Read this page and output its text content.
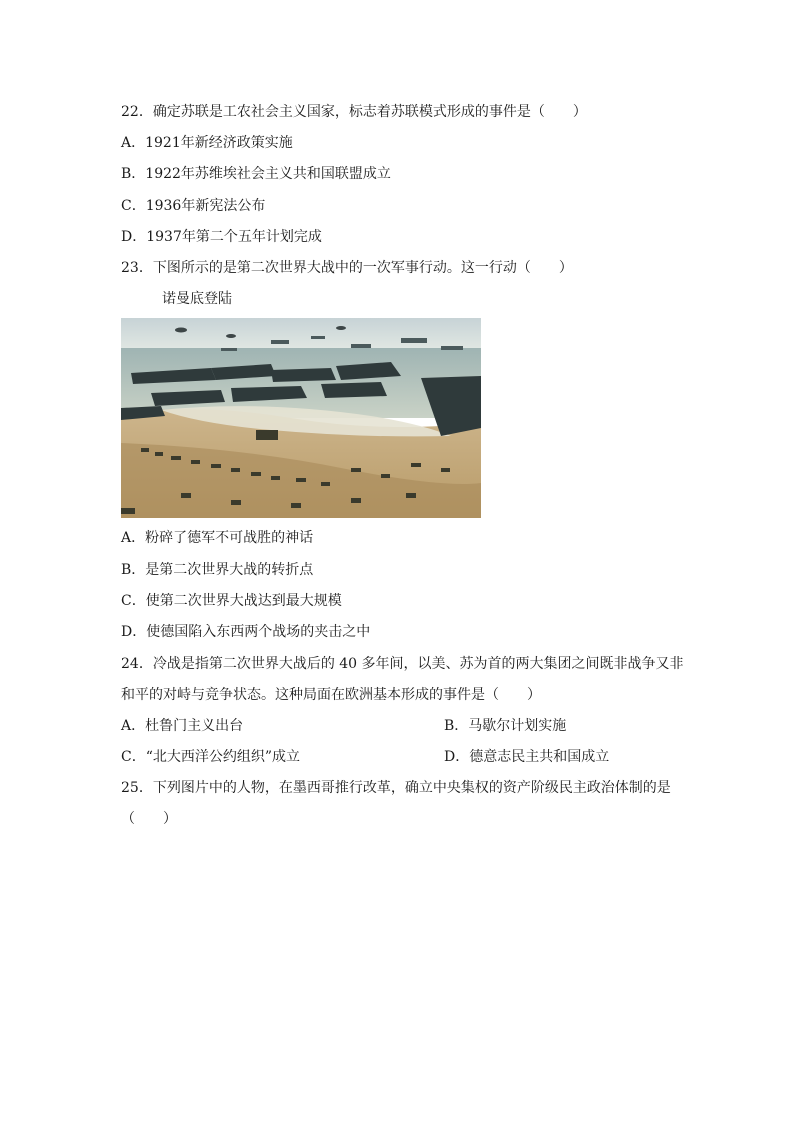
22．确定苏联是工农社会主义国家，标志着苏联模式形成的事件是（　　）
A．1921年新经济政策实施
B．1922年苏维埃社会主义共和国联盟成立
C．1936年新宪法公布
D．1937年第二个五年计划完成
23．下图所示的是第二次世界大战中的一次军事行动。这一行动（　　）
诺曼底登陆
A．粉碎了德军不可战胜的神话
B．是第二次世界大战的转折点
C．使第二次世界大战达到最大规模
D．使德国陷入东西两个战场的夹击之中
24．冷战是指第二次世界大战后的 40 多年间，以美、苏为首的两大集团之间既非战争又非
和平的对峙与竞争状态。这种局面在欧洲基本形成的事件是（　　）
A．杜鲁门主义出台	B．马歇尔计划实施
C．“北大西洋公约组织”成立	D．德意志民主共和国成立
25．下列图片中的人物，在墨西哥推行改革，确立中央集权的资产阶级民主政治体制的是
（　　）
